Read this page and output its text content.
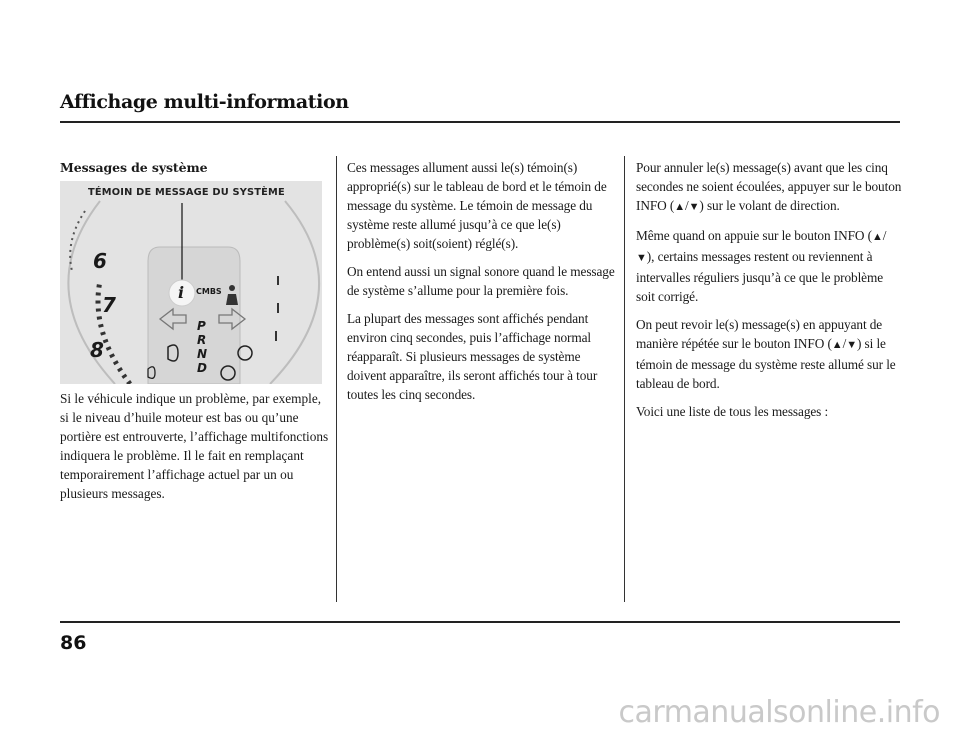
Affichage multi-information
Messages de système
TÉMOIN DE MESSAGE DU SYSTÈME
6
7
8
i CMBS
P
R
N
D
Si le véhicule indique un problème, par exemple, si le niveau d’huile moteur est bas ou qu’une portière est entrouverte, l’affichage multifonctions indiquera le problème. Il le fait en remplaçant temporairement l’affichage actuel par un ou plusieurs messages.

Ces messages allument aussi le(s) témoin(s) approprié(s) sur le tableau de bord et le témoin de message du système. Le témoin de message du système reste allumé jusqu’à ce que le(s) problème(s) soit(soient) réglé(s).

On entend aussi un signal sonore quand le message de système s’allume pour la première fois.

La plupart des messages sont affichés pendant environ cinq secondes, puis l’affichage normal réapparaît. Si plusieurs messages de système doivent apparaître, ils seront affichés tour à tour toutes les cinq secondes.

Pour annuler le(s) message(s) avant que les cinq secondes ne soient écoulées, appuyer sur le bouton INFO (▲/▼) sur le volant de direction.

Même quand on appuie sur le bouton INFO (▲/▼), certains messages restent ou reviennent à intervalles réguliers jusqu’à ce que le problème soit corrigé.

On peut revoir le(s) message(s) en appuyant de manière répétée sur le bouton INFO (▲/▼) si le témoin de message du système reste allumé sur le tableau de bord.

Voici une liste de tous les messages :

86
carmanualsonline.info
